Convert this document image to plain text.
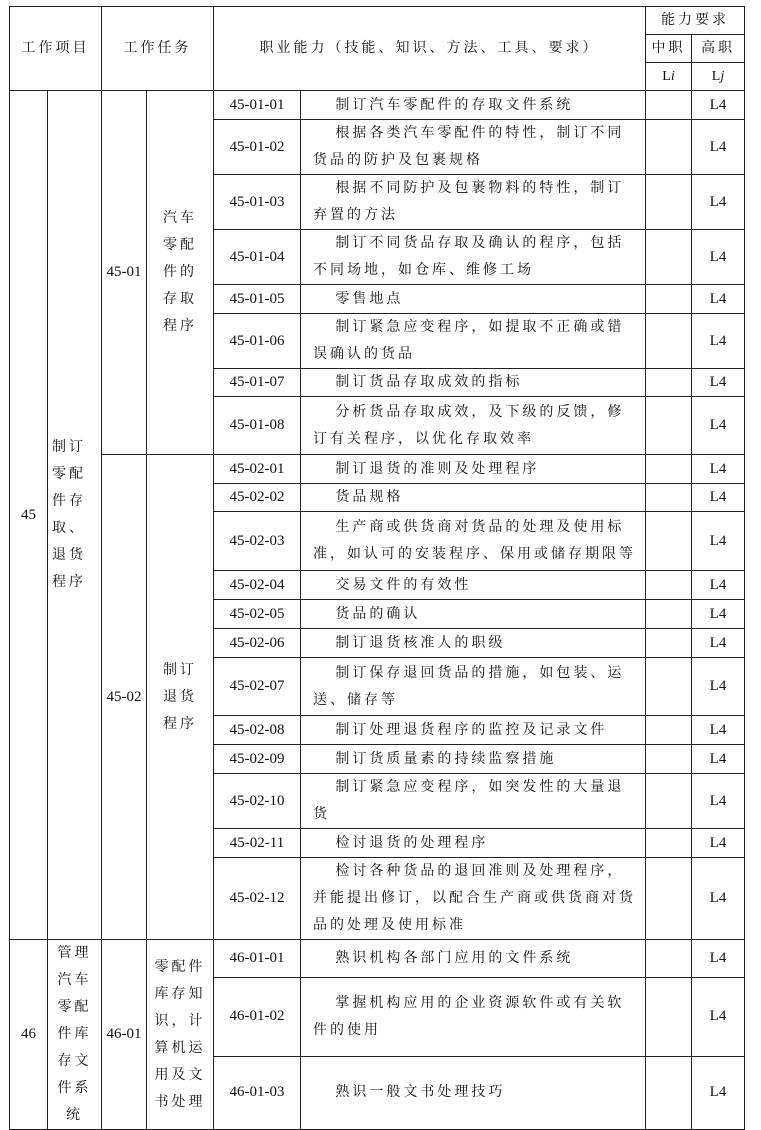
工作项目		工作任务		职业能力（技能、知识、方法、工具、要求）		能力要求	
						中职	高职
						Li	Lj
45	制订零配件存取、退货程序	45-01	汽车零配件的存取程序	45-01-01	制订汽车零配件的存取文件系统		L4
				45-01-02	根据各类汽车零配件的特性，制订不同货品的防护及包裹规格		L4
				45-01-03	根据不同防护及包裹物料的特性，制订弃置的方法		L4
				45-01-04	制订不同货品存取及确认的程序，包括不同场地，如仓库、维修工场		L4
				45-01-05	零售地点		L4
				45-01-06	制订紧急应变程序，如提取不正确或错误确认的货品		L4
				45-01-07	制订货品存取成效的指标		L4
				45-01-08	分析货品存取成效，及下级的反馈，修订有关程序，以优化存取效率		L4
		45-02	制订退货程序	45-02-01	制订退货的准则及处理程序		L4
				45-02-02	货品规格		L4
				45-02-03	生产商或供货商对货品的处理及使用标准，如认可的安装程序、保用或储存期限等		L4
				45-02-04	交易文件的有效性		L4
				45-02-05	货品的确认		L4
				45-02-06	制订退货核准人的职级		L4
				45-02-07	制订保存退回货品的措施，如包装、运送、储存等		L4
				45-02-08	制订处理退货程序的监控及记录文件		L4
				45-02-09	制订货质量素的持续监察措施		L4
				45-02-10	制订紧急应变程序，如突发性的大量退货		L4
				45-02-11	检讨退货的处理程序		L4
				45-02-12	检讨各种货品的退回准则及处理程序，并能提出修订，以配合生产商或供货商对货品的处理及使用标准		L4
46	管理汽车零配件库存文件系统	46-01	零配件库存知识，计算机运用及文书处理	46-01-01	熟识机构各部门应用的文件系统		L4
				46-01-02	掌握机构应用的企业资源软件或有关软件的使用		L4
				46-01-03	熟识一般文书处理技巧		L4
